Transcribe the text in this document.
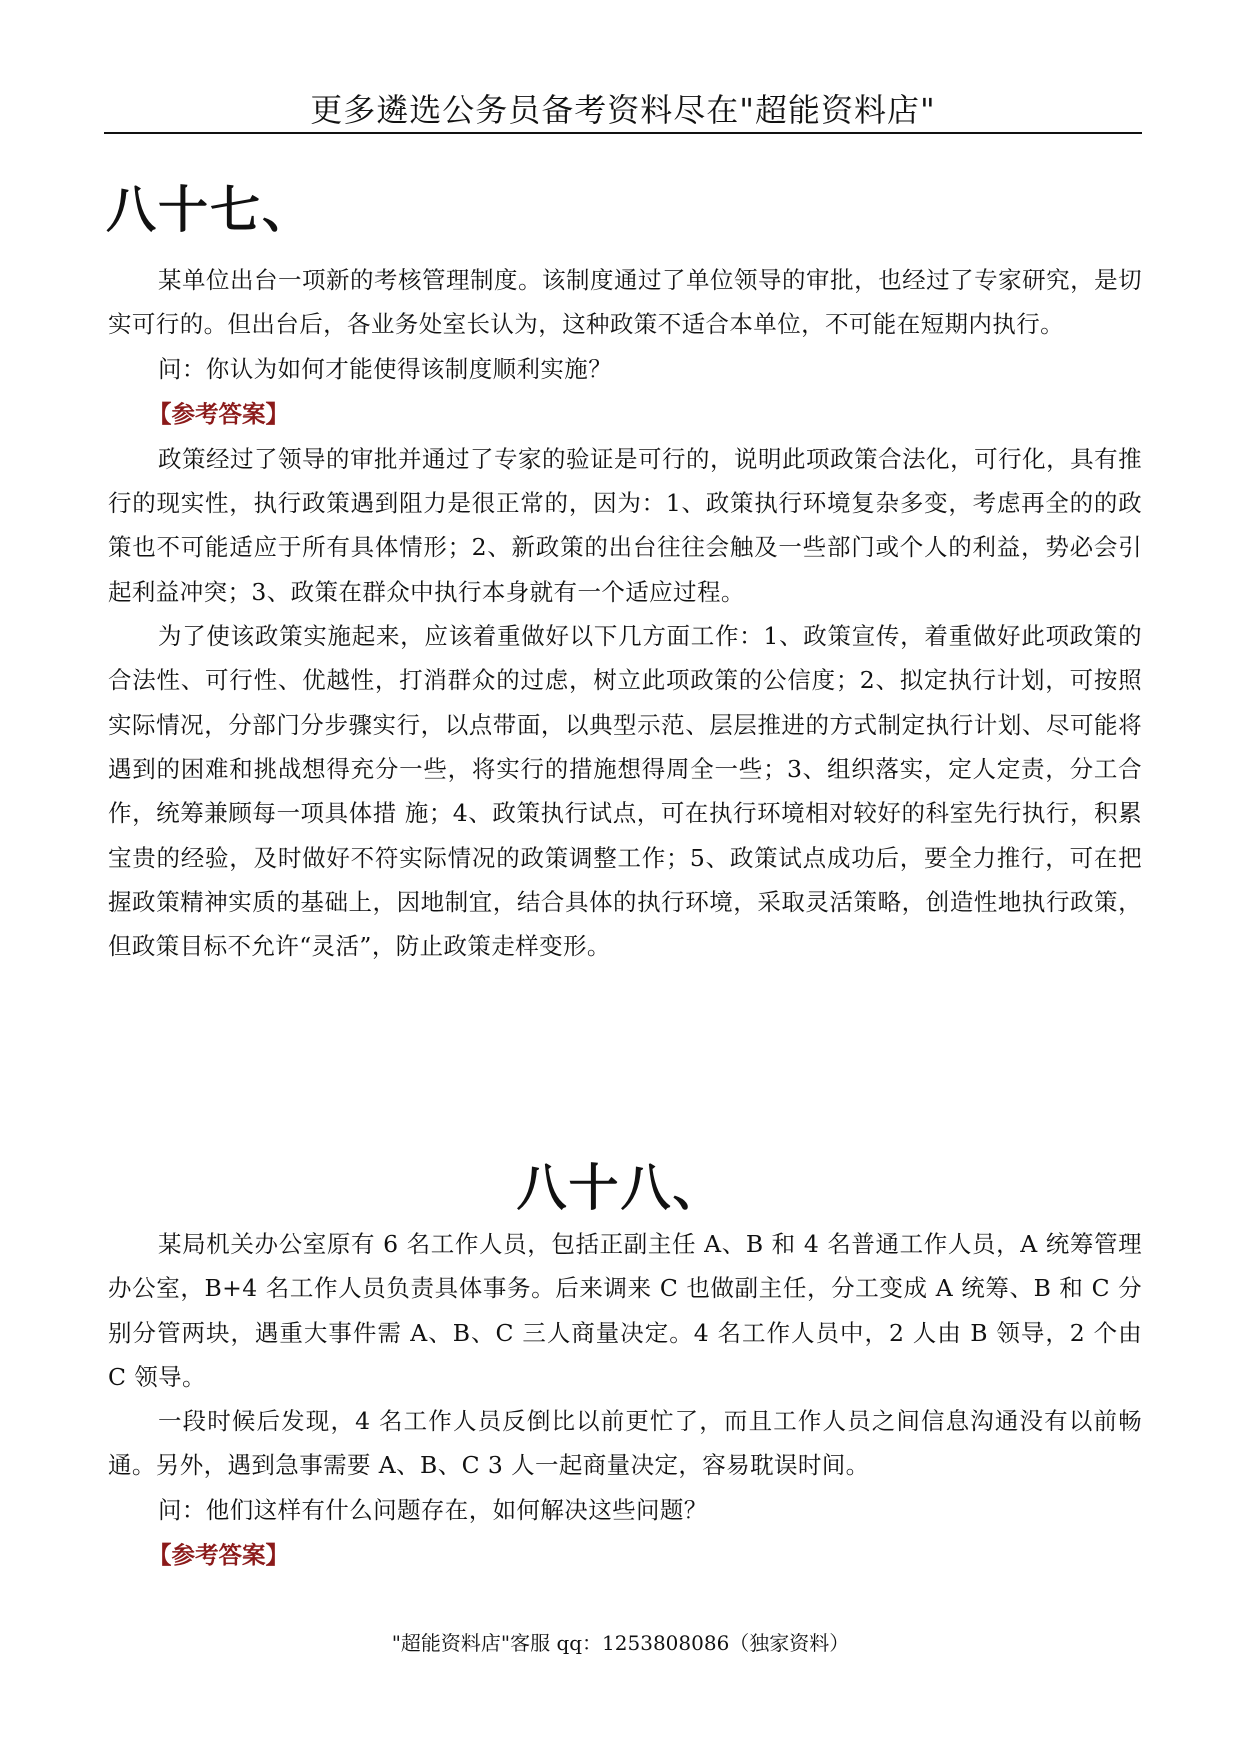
更多遴选公务员备考资料尽在"超能资料店"
八十七、

某单位出台一项新的考核管理制度。该制度通过了单位领导的审批，也经过了专家研究，是切实可行的。但出台后，各业务处室长认为，这种政策不适合本单位，不可能在短期内执行。

问：你认为如何才能使得该制度顺利实施？

【参考答案】

政策经过了领导的审批并通过了专家的验证是可行的，说明此项政策合法化，可行化，具有推行的现实性，执行政策遇到阻力是很正常的，因为：1、政策执行环境复杂多变，考虑再全的的政策也不可能适应于所有具体情形；2、新政策的出台往往会触及一些部门或个人的利益，势必会引起利益冲突；3、政策在群众中执行本身就有一个适应过程。

为了使该政策实施起来，应该着重做好以下几方面工作：1、政策宣传，着重做好此项政策的合法性、可行性、优越性，打消群众的过虑，树立此项政策的公信度；2、拟定执行计划，可按照实际情况，分部门分步骤实行，以点带面，以典型示范、层层推进的方式制定执行计划、尽可能将遇到的困难和挑战想得充分一些，将实行的措施想得周全一些；3、组织落实，定人定责，分工合作，统筹兼顾每一项具体措 施；4、政策执行试点，可在执行环境相对较好的科室先行执行，积累宝贵的经验，及时做好不符实际情况的政策调整工作；5、政策试点成功后，要全力推行，可在把握政策精神实质的基础上，因地制宜，结合具体的执行环境，采取灵活策略，创造性地执行政策，但政策目标不允许“灵活”，防止政策走样变形。

八十八、

某局机关办公室原有 6 名工作人员，包括正副主任 A、B 和 4 名普通工作人员，A 统筹管理办公室，B+4 名工作人员负责具体事务。后来调来 C 也做副主任，分工变成 A 统筹、B 和 C 分别分管两块，遇重大事件需 A、B、C 三人商量决定。4 名工作人员中，2 人由 B 领导，2 个由 C 领导。

一段时候后发现，4 名工作人员反倒比以前更忙了，而且工作人员之间信息沟通没有以前畅通。另外，遇到急事需要 A、B、C 3 人一起商量决定，容易耽误时间。

问：他们这样有什么问题存在，如何解决这些问题？

【参考答案】

"超能资料店"客服 qq：1253808086（独家资料）
